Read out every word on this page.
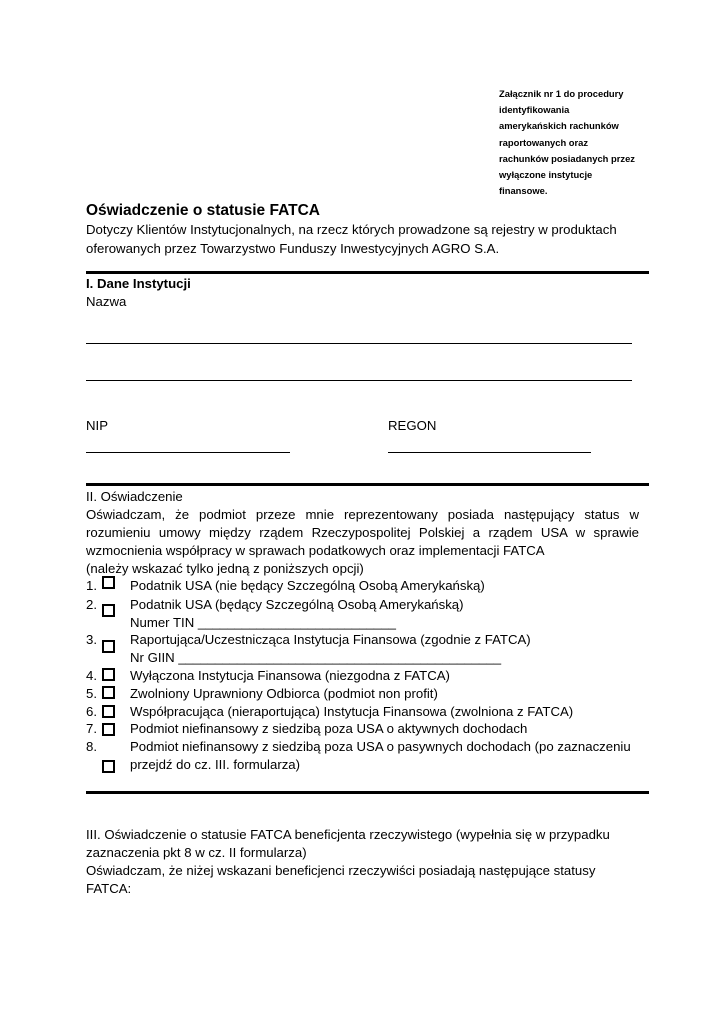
Załącznik nr 1 do procedury
identyfikowania
amerykańskich rachunków
raportowanych oraz
rachunków posiadanych przez
wyłączone instytucje
finansowe.
Oświadczenie o statusie FATCA
Dotyczy Klientów Instytucjonalnych, na rzecz których prowadzone są rejestry w produktach
oferowanych przez Towarzystwo Funduszy Inwestycyjnych AGRO S.A.
I. Dane Instytucji
Nazwa
NIP	REGON
II. Oświadczenie
Oświadczam, że podmiot przeze mnie reprezentowany posiada następujący status w
rozumieniu umowy między rządem Rzeczypospolitej Polskiej a rządem USA w sprawie
wzmocnienia współpracy w sprawach podatkowych oraz implementacji FATCA
(należy wskazać tylko jedną z poniższych opcji)
1.	Podatnik USA (nie będący Szczególną Osobą Amerykańską)
2.	Podatnik USA (będący Szczególną Osobą Amerykańską)
Numer TIN ___________________________
3.	Raportująca/Uczestnicząca Instytucja Finansowa (zgodnie z FATCA)
Nr GIIN ____________________________________________
4.	Wyłączona Instytucja Finansowa (niezgodna z FATCA)
5.	Zwolniony Uprawniony Odbiorca (podmiot non profit)
6.	Współpracująca (nieraportująca) Instytucja Finansowa (zwolniona z FATCA)
7.	Podmiot niefinansowy z siedzibą poza USA o aktywnych dochodach
8.	Podmiot niefinansowy z siedzibą poza USA o pasywnych dochodach (po zaznaczeniu
przejdź do cz. III. formularza)
III. Oświadczenie o statusie FATCA beneficjenta rzeczywistego (wypełnia się w przypadku
zaznaczenia pkt 8 w cz. II formularza)
Oświadczam, że niżej wskazani beneficjenci rzeczywiści posiadają następujące statusy
FATCA:
